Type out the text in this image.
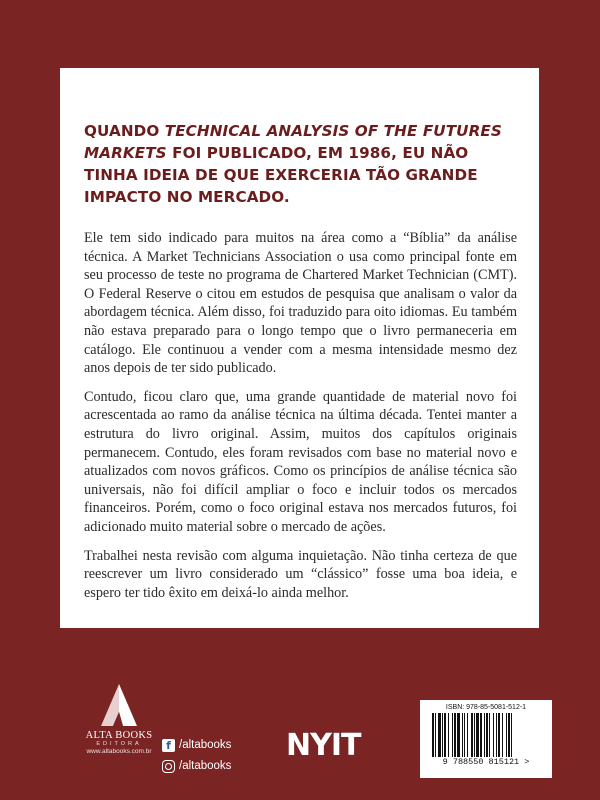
QUANDO TECHNICAL ANALYSIS OF THE FUTURES MARKETS FOI PUBLICADO, EM 1986, EU NÃO TINHA IDEIA DE QUE EXERCERIA TÃO GRANDE IMPACTO NO MERCADO.

Ele tem sido indicado para muitos na área como a “Bíblia” da análise técnica. A Market Technicians Association o usa como principal fonte em seu processo de teste no programa de Chartered Market Technician (CMT). O Federal Reserve o citou em estudos de pesquisa que analisam o valor da abordagem técnica. Além disso, foi traduzido para oito idiomas. Eu também não estava preparado para o longo tempo que o livro permaneceria em catálogo. Ele continuou a vender com a mesma intensidade mesmo dez anos depois de ter sido publicado.

Contudo, ficou claro que, uma grande quantidade de material novo foi acrescentada ao ramo da análise técnica na última década. Tentei manter a estrutura do livro original. Assim, muitos dos capítulos originais permanecem. Contudo, eles foram revisados com base no material novo e atualizados com novos gráficos. Como os princípios de análise técnica são universais, não foi difícil ampliar o foco e incluir todos os mercados financeiros. Porém, como o foco original estava nos mercados futuros, foi adicionado muito material sobre o mercado de ações.

Trabalhei nesta revisão com alguma inquietação. Não tinha certeza de que reescrever um livro considerado um “clássico” fosse uma boa ideia, e espero ter tido êxito em deixá-lo ainda melhor.

ALTA BOOKS
EDITORA
www.altabooks.com.br	f /altabooks
/altabooks
NYIT
ISBN: 978-85-5081-512-1
9 788550 815121 >
